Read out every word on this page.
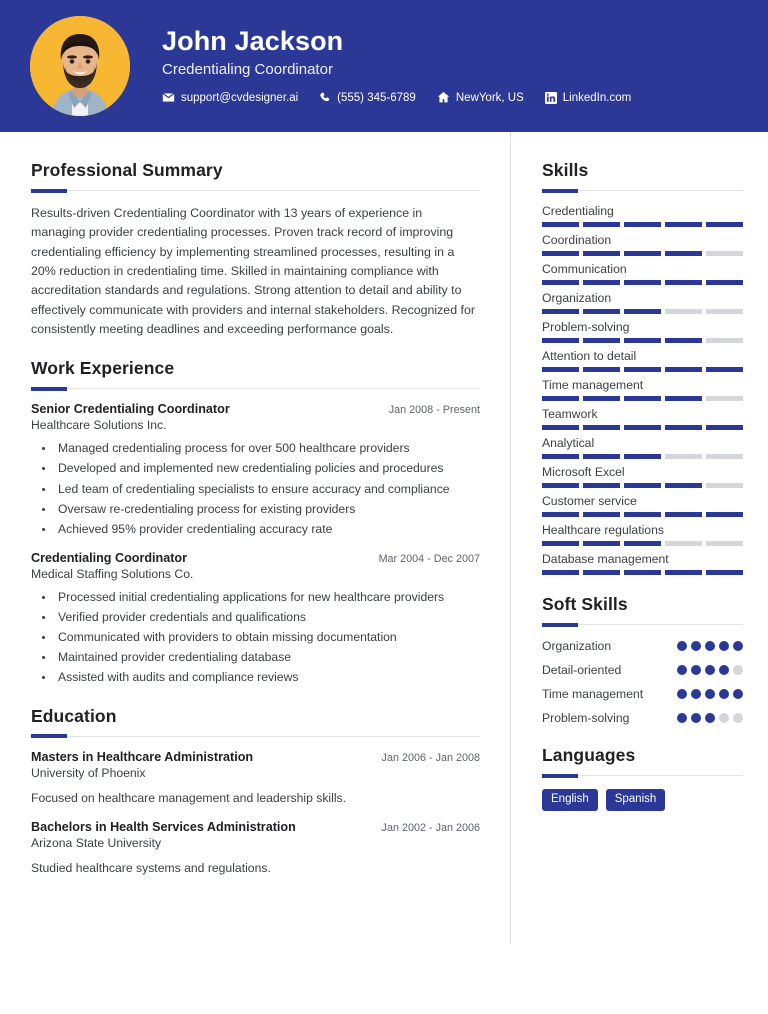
John Jackson
Credentialing Coordinator
support@cvdesigner.ai	(555) 345-6789	NewYork, US	LinkedIn.com
Professional Summary

Results-driven Credentialing Coordinator with 13 years of experience in managing provider credentialing processes. Proven track record of improving credentialing efficiency by implementing streamlined processes, resulting in a 20% reduction in credentialing time. Skilled in maintaining compliance with accreditation standards and regulations. Strong attention to detail and ability to effectively communicate with providers and internal stakeholders. Recognized for consistently meeting deadlines and exceeding performance goals.

Work Experience
Senior Credentialing Coordinator	Jan 2008 - Present
Healthcare Solutions Inc.
• Managed credentialing process for over 500 healthcare providers
• Developed and implemented new credentialing policies and procedures
• Led team of credentialing specialists to ensure accuracy and compliance
• Oversaw re-credentialing process for existing providers
• Achieved 95% provider credentialing accuracy rate
Credentialing Coordinator	Mar 2004 - Dec 2007
Medical Staffing Solutions Co.
• Processed initial credentialing applications for new healthcare providers
• Verified provider credentials and qualifications
• Communicated with providers to obtain missing documentation
• Maintained provider credentialing database
• Assisted with audits and compliance reviews
Education
Masters in Healthcare Administration	Jan 2006 - Jan 2008
University of Phoenix
Focused on healthcare management and leadership skills.
Bachelors in Health Services Administration	Jan 2002 - Jan 2006
Arizona State University
Studied healthcare systems and regulations.
Skills
Credentialing
Coordination
Communication
Organization
Problem-solving
Attention to detail
Time management
Teamwork
Analytical
Microsoft Excel
Customer service
Healthcare regulations
Database management
Soft Skills
Organization
Detail-oriented
Time management
Problem-solving
Languages
English	Spanish
